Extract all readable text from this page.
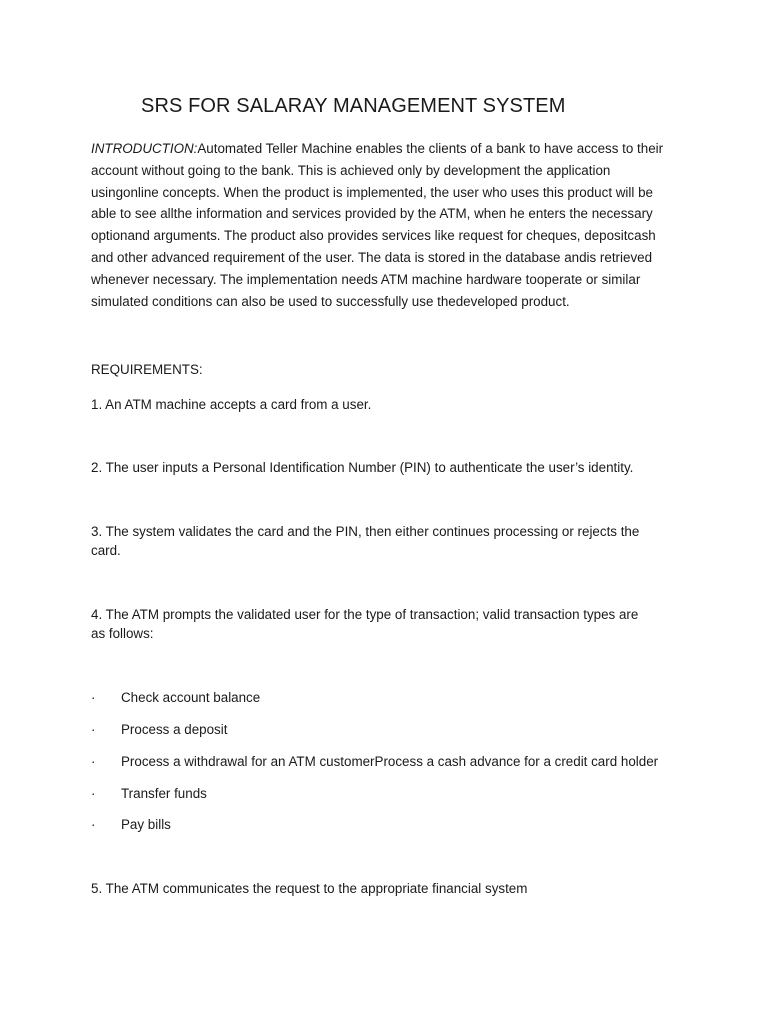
SRS FOR SALARAY MANAGEMENT SYSTEM
INTRODUCTION:Automated Teller Machine enables the clients of a bank to have access to their
account without going to the bank. This is achieved only by development the application
usingonline concepts. When the product is implemented, the user who uses this product will be
able to see allthe information and services provided by the ATM, when he enters the necessary
optionand arguments. The product also provides services like request for cheques, depositcash
and other advanced requirement of the user. The data is stored in the database andis retrieved
whenever necessary. The implementation needs ATM machine hardware tooperate or similar
simulated conditions can also be used to successfully use thedeveloped product.
REQUIREMENTS:
1. An ATM machine accepts a card from a user.
2. The user inputs a Personal Identification Number (PIN) to authenticate the user’s identity.
3. The system validates the card and the PIN, then either continues processing or rejects the
card.
4. The ATM prompts the validated user for the type of transaction; valid transaction types are
as follows:
·	Check account balance
·	Process a deposit
·	Process a withdrawal for an ATM customerProcess a cash advance for a credit card holder
·	Transfer funds
·	Pay bills
5. The ATM communicates the request to the appropriate financial system
